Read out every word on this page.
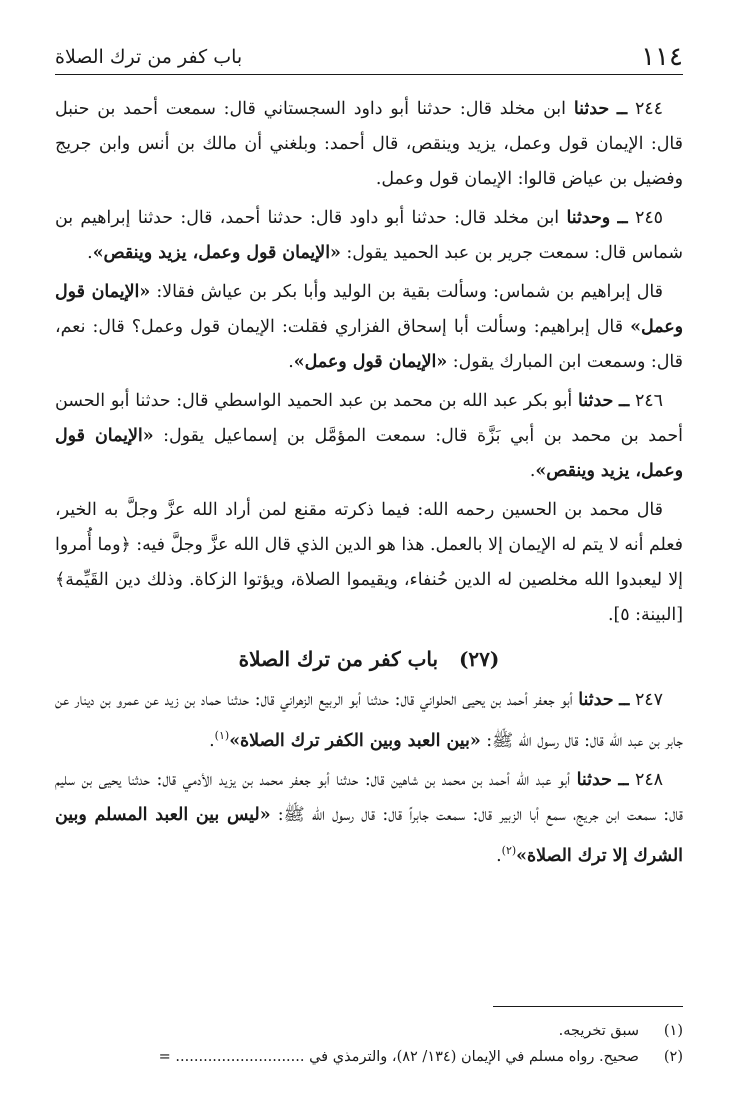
١١٤
باب كفر من ترك الصلاة

٢٤٤ ــ حدثنا ابن مخلد قال: حدثنا أبو داود السجستاني قال: سمعت أحمد بن حنبل قال: الإيمان قول وعمل، يزيد وينقص، قال أحمد: وبلغني أن مالك بن أنس وابن جريج وفضيل بن عياض قالوا: الإيمان قول وعمل.

٢٤٥ ــ وحدثنا ابن مخلد قال: حدثنا أبو داود قال: حدثنا أحمد، قال: حدثنا إبراهيم بن شماس قال: سمعت جرير بن عبد الحميد يقول: «الإيمان قول وعمل، يزيد وينقص».

قال إبراهيم بن شماس: وسألت بقية بن الوليد وأبا بكر بن عياش فقالا: «الإيمان قول وعمل» قال إبراهيم: وسألت أبا إسحاق الفزاري فقلت: الإيمان قول وعمل؟ قال: نعم، قال: وسمعت ابن المبارك يقول: «الإيمان قول وعمل».

٢٤٦ ــ حدثنا أبو بكر عبد الله بن محمد بن عبد الحميد الواسطي قال: حدثنا أبو الحسن أحمد بن محمد بن أبي بَزَّة قال: سمعت المؤمَّل بن إسماعيل يقول: «الإيمان قول وعمل، يزيد وينقص».

قال محمد بن الحسين رحمه الله: فيما ذكرته مقنع لمن أراد الله عزَّ وجلَّ به الخير، فعلم أنه لا يتم له الإيمان إلا بالعمل. هذا هو الدين الذي قال الله عزَّ وجلَّ فيه: ﴿وما أُمروا إلا ليعبدوا الله مخلصين له الدين حُنفاء، ويقيموا الصلاة، ويؤتوا الزكاة. وذلك دين القَيِّمة﴾ [البينة: ٥].

(٢٧)   باب كفر من ترك الصلاة

٢٤٧ ــ حدثنا أبو جعفر أحمد بن يحيى الحلواني قال: حدثنا أبو الربيع الزهراني قال: حدثنا حماد بن زيد عن عمرو بن دينار عن جابر بن عبد الله قال: قال رسول الله ﷺ: «بين العبد وبين الكفر ترك الصلاة»$^{(١)}$.

٢٤٨ ــ حدثنا أبو عبد الله أحمد بن محمد بن شاهين قال: حدثنا أبو جعفر محمد بن يزيد الأدمي قال: حدثنا يحيى بن سليم قال: سمعت ابن جريج، سمع أبا الزبير قال: سمعت جابراً قال: قال رسول الله ﷺ: «ليس بين العبد المسلم وبين الشرك إلا ترك الصلاة»$^{(٢)}$.

(١)سبق تخريجه.

(٢)صحيح. رواه مسلم في الإيمان (١٣٤/ ٨٢)، والترمذي في ............................ =
